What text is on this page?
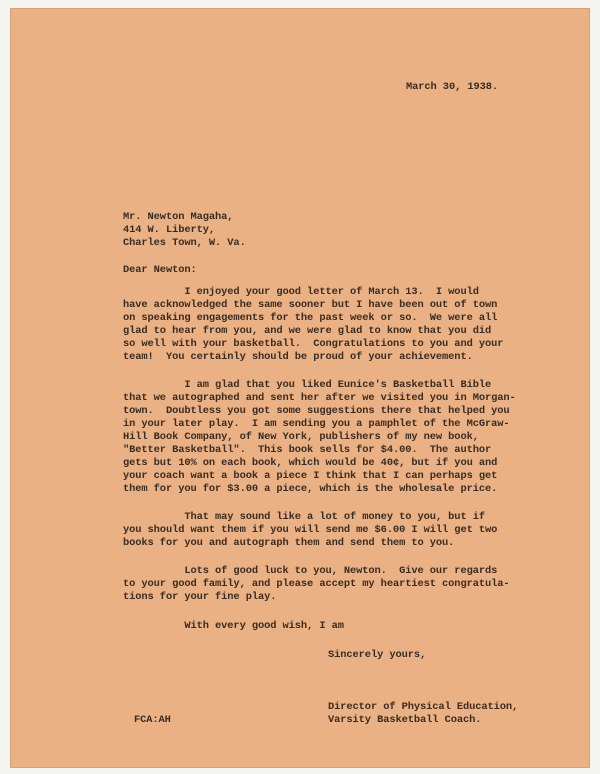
March 30, 1938.
Mr. Newton Magaha,
414 W. Liberty,
Charles Town, W. Va.
Dear Newton:
I enjoyed your good letter of March 13.  I would
have acknowledged the same sooner but I have been out of town
on speaking engagements for the past week or so.  We were all
glad to hear from you, and we were glad to know that you did
so well with your basketball.  Congratulations to you and your
team!  You certainly should be proud of your achievement.
I am glad that you liked Eunice's Basketball Bible
that we autographed and sent her after we visited you in Morgan-
town.  Doubtless you got some suggestions there that helped you
in your later play.  I am sending you a pamphlet of the McGraw-
Hill Book Company, of New York, publishers of my new book,
"Better Basketball".  This book sells for $4.00.  The author
gets but 10% on each book, which would be 40¢, but if you and
your coach want a book a piece I think that I can perhaps get
them for you for $3.00 a piece, which is the wholesale price.
That may sound like a lot of money to you, but if
you should want them if you will send me $6.00 I will get two
books for you and autograph them and send them to you.
Lots of good luck to you, Newton.  Give our regards
to your good family, and please accept my heartiest congratula-
tions for your fine play.
With every good wish, I am
Sincerely yours,
FCA:AH
Director of Physical Education,
Varsity Basketball Coach.
